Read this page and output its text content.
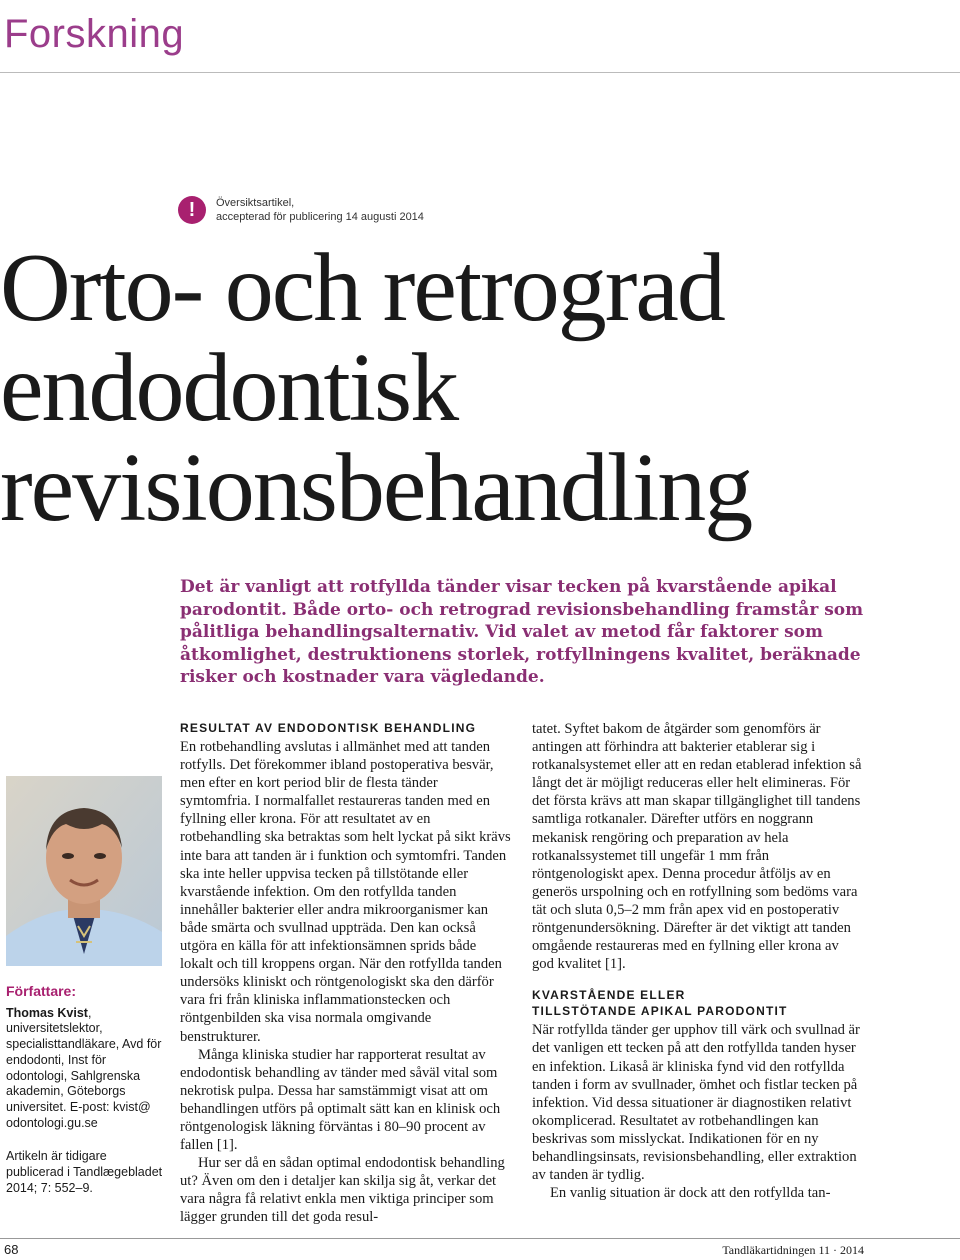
Forskning
!	Översiktsartikel,
accepterad för publicering 14 augusti 2014
Orto- och retrograd
endodontisk
revisionsbehandling
Det är vanligt att rotfyllda tänder visar tecken på kvarstående apikal parodontit. Både orto- och retrograd revisionsbehandling framstår som pålitliga behandlingsalternativ. Vid valet av metod får faktorer som åtkomlighet, destruktionens storlek, rotfyllningens kvalitet, beräknade risker och kostnader vara vägledande.
Författare:

Thomas Kvist, universitetslektor, specialisttandläkare, Avd för endodonti, Inst för odontologi, Sahlgrenska akademin, Göteborgs universitet. E-post: kvist@ odontologi.gu.se

Artikeln är tidigare publicerad i Tandlægebladet 2014; 7: 552–9.

RESULTAT AV ENDODONTISK BEHANDLING

En rotbehandling avslutas i allmänhet med att tanden rotfylls. Det förekommer ibland postoperativa besvär, men efter en kort period blir de flesta tänder symtomfria. I normalfallet restaureras tanden med en fyllning eller krona. För att resultatet av en rotbehandling ska betraktas som helt lyckat på sikt krävs inte bara att tanden är i funktion och symtomfri. Tanden ska inte heller uppvisa tecken på tillstötande eller kvarstående infektion. Om den rotfyllda tanden innehåller bakterier eller andra mikroorganismer kan både smärta och svullnad uppträda. Den kan också utgöra en källa för att infektionsämnen sprids både lokalt och till kroppens organ. När den rotfyllda tanden undersöks kliniskt och röntgenologiskt ska den därför vara fri från kliniska inflammationstecken och röntgenbilden ska visa normala omgivande benstrukturer.

Många kliniska studier har rapporterat resultat av endodontisk behandling av tänder med såväl vital som nekrotisk pulpa. Dessa har samstämmigt visat att om behandlingen utförs på optimalt sätt kan en klinisk och röntgenologisk läkning förväntas i 80–90 procent av fallen [1].

Hur ser då en sådan optimal endodontisk behandling ut? Även om den i detaljer kan skilja sig åt, verkar det vara några få relativt enkla men viktiga principer som lägger grunden till det goda resul-

tatet. Syftet bakom de åtgärder som genomförs är antingen att förhindra att bakterier etablerar sig i rotkanalsystemet eller att en redan etablerad infektion så långt det är möjligt reduceras eller helt elimineras. För det första krävs att man skapar tillgänglighet till tandens samtliga rotkanaler. Därefter utförs en noggrann mekanisk rengöring och preparation av hela rotkanalssystemet till ungefär 1 mm från röntgenologiskt apex. Denna procedur åtföljs av en generös urspolning och en rotfyllning som bedöms vara tät och sluta 0,5–2 mm från apex vid en postoperativ röntgenundersökning. Därefter är det viktigt att tanden omgående restaureras med en fyllning eller krona av god kvalitet [1].

KVARSTÅENDE ELLER
TILLSTÖTANDE APIKAL PARODONTIT

När rotfyllda tänder ger upphov till värk och svullnad är det vanligen ett tecken på att den rotfyllda tanden hyser en infektion. Likaså är kliniska fynd vid den rotfyllda tanden i form av svullnader, ömhet och fistlar tecken på infektion. Vid dessa situationer är diagnostiken relativt okomplicerad. Resultatet av rotbehandlingen kan beskrivas som misslyckat. Indikationen för en ny behandlingsinsats, revisionsbehandling, eller extraktion av tanden är tydlig.

En vanlig situation är dock att den rotfyllda tan-

68	Tandläkartidningen 11 · 2014
